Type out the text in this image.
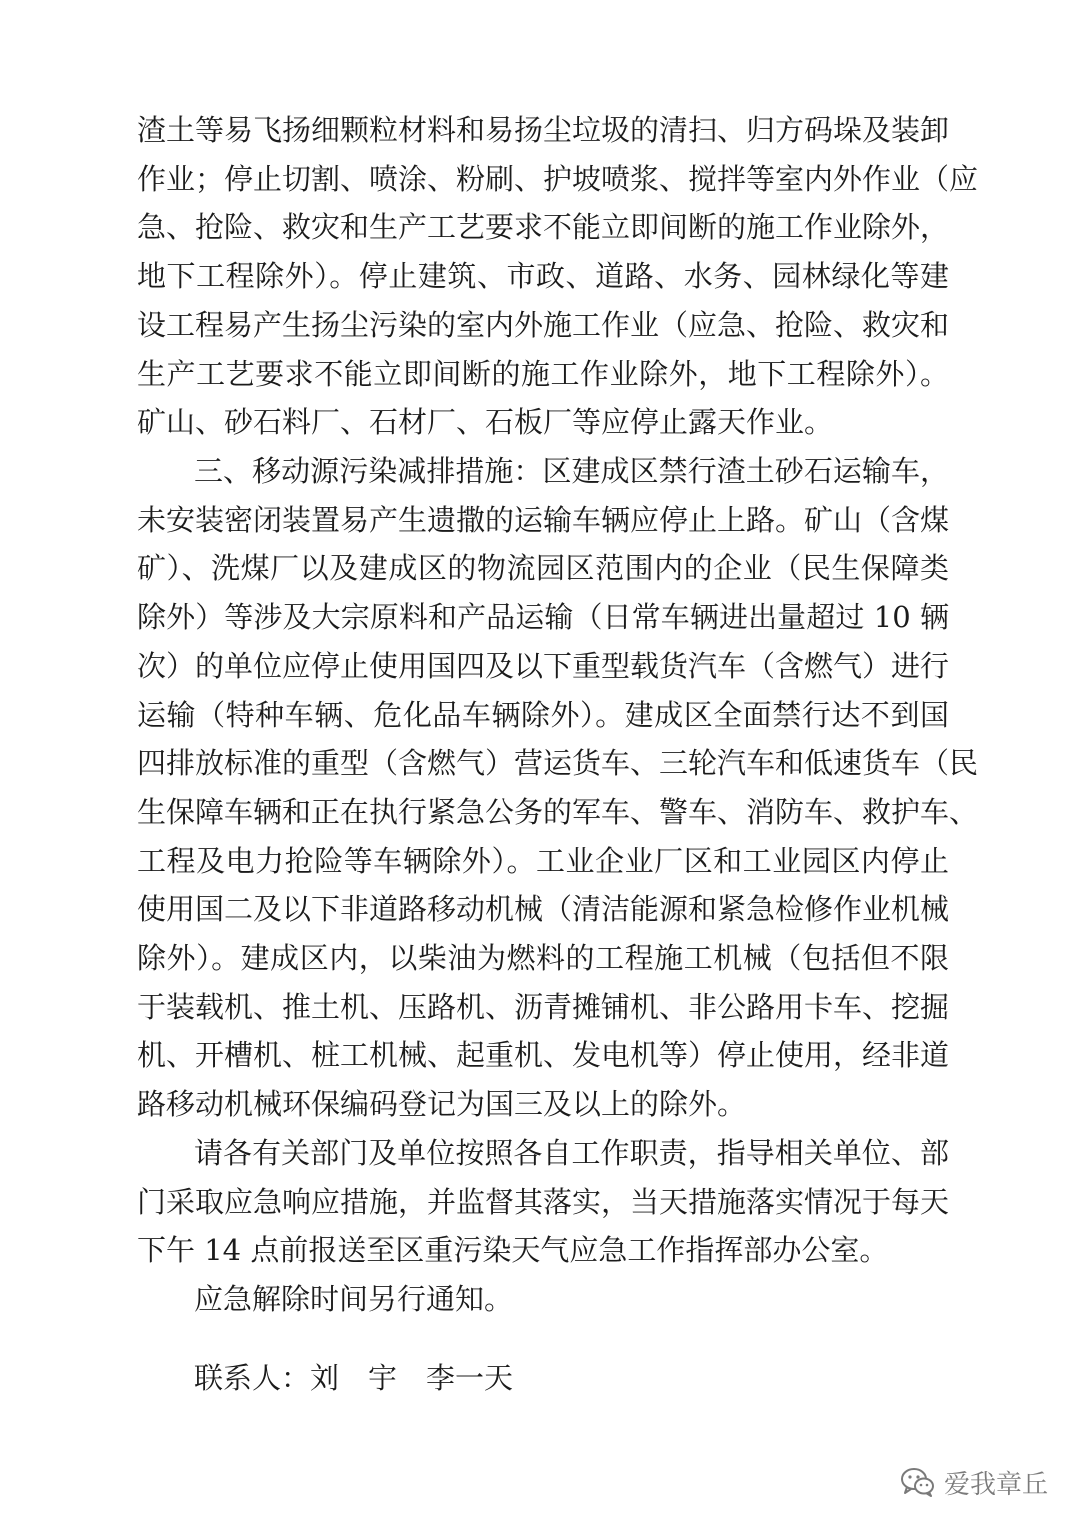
渣土等易飞扬细颗粒材料和易扬尘垃圾的清扫、归方码垛及装卸
作业；停止切割、喷涂、粉刷、护坡喷浆、搅拌等室内外作业（应
急、抢险、救灾和生产工艺要求不能立即间断的施工作业除外，
地下工程除外）。停止建筑、市政、道路、水务、园林绿化等建
设工程易产生扬尘污染的室内外施工作业（应急、抢险、救灾和
生产工艺要求不能立即间断的施工作业除外，地下工程除外）。
矿山、砂石料厂、石材厂、石板厂等应停止露天作业。
三、移动源污染减排措施：区建成区禁行渣土砂石运输车，
未安装密闭装置易产生遗撒的运输车辆应停止上路。矿山（含煤
矿）、洗煤厂以及建成区的物流园区范围内的企业（民生保障类
除外）等涉及大宗原料和产品运输（日常车辆进出量超过 10 辆
次）的单位应停止使用国四及以下重型载货汽车（含燃气）进行
运输（特种车辆、危化品车辆除外）。建成区全面禁行达不到国
四排放标准的重型（含燃气）营运货车、三轮汽车和低速货车（民
生保障车辆和正在执行紧急公务的军车、警车、消防车、救护车、
工程及电力抢险等车辆除外）。工业企业厂区和工业园区内停止
使用国二及以下非道路移动机械（清洁能源和紧急检修作业机械
除外）。建成区内，以柴油为燃料的工程施工机械（包括但不限
于装载机、推土机、压路机、沥青摊铺机、非公路用卡车、挖掘
机、开槽机、桩工机械、起重机、发电机等）停止使用，经非道
路移动机械环保编码登记为国三及以上的除外。
请各有关部门及单位按照各自工作职责，指导相关单位、部
门采取应急响应措施，并监督其落实，当天措施落实情况于每天
下午 14 点前报送至区重污染天气应急工作指挥部办公室。
应急解除时间另行通知。
联系人：刘　宇　李一天
爱我章丘
